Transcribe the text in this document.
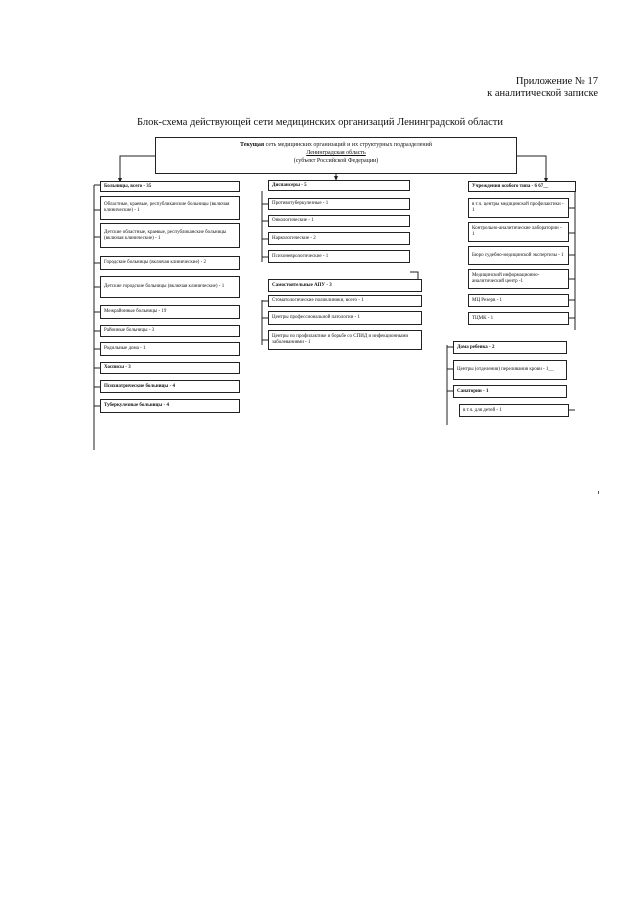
Приложение № 17
к аналитической записке
Блок-схема действующей сети медицинских организаций Ленинградской области
Текущая сеть медицинских организаций и их структурных подразделений
Ленинградская область
(субъект Российской Федерации)
Больницы, всего - 35
Областные, краевые, республиканские больницы (включая клинические) - 1
Детские областные, краевые, республиканские больницы (включая клинические) - 1
Городские больницы (включая клинические) - 2
Детские городские больницы (включая клинические) - 1
Межрайонные больницы - 19
Районные больницы - 3
Родильные дома - 1
Хосписы - 3
Психиатрические больницы - 4
Туберкулезные больницы - 4
Диспансеры - 5
Противотуберкулезные - 1
Онкологические - 1
Наркологические - 2
Психоневрологические - 1
Самостоятельные АПУ - 3
Стоматологические поликлиники, всего - 1
Центры профессиональной патологии - 1
Центры по профилактике и борьбе со СПИД и инфекционными заболеваниями - 1
Учреждения особого типа - 6 67__
в т.ч. центры медицинской профилактики - 1
Контрольно-аналитические лаборатории - 1
Бюро судебно-медицинской экспертизы - 1
Медицинский информационно-аналитический центр -1
МЦ Резерв - 1
ТЦМК - 1
Дома ребенка - 2
Центры (отделения) переливания крови - 1__
Санатории - 1
в т.ч. для детей - 1
